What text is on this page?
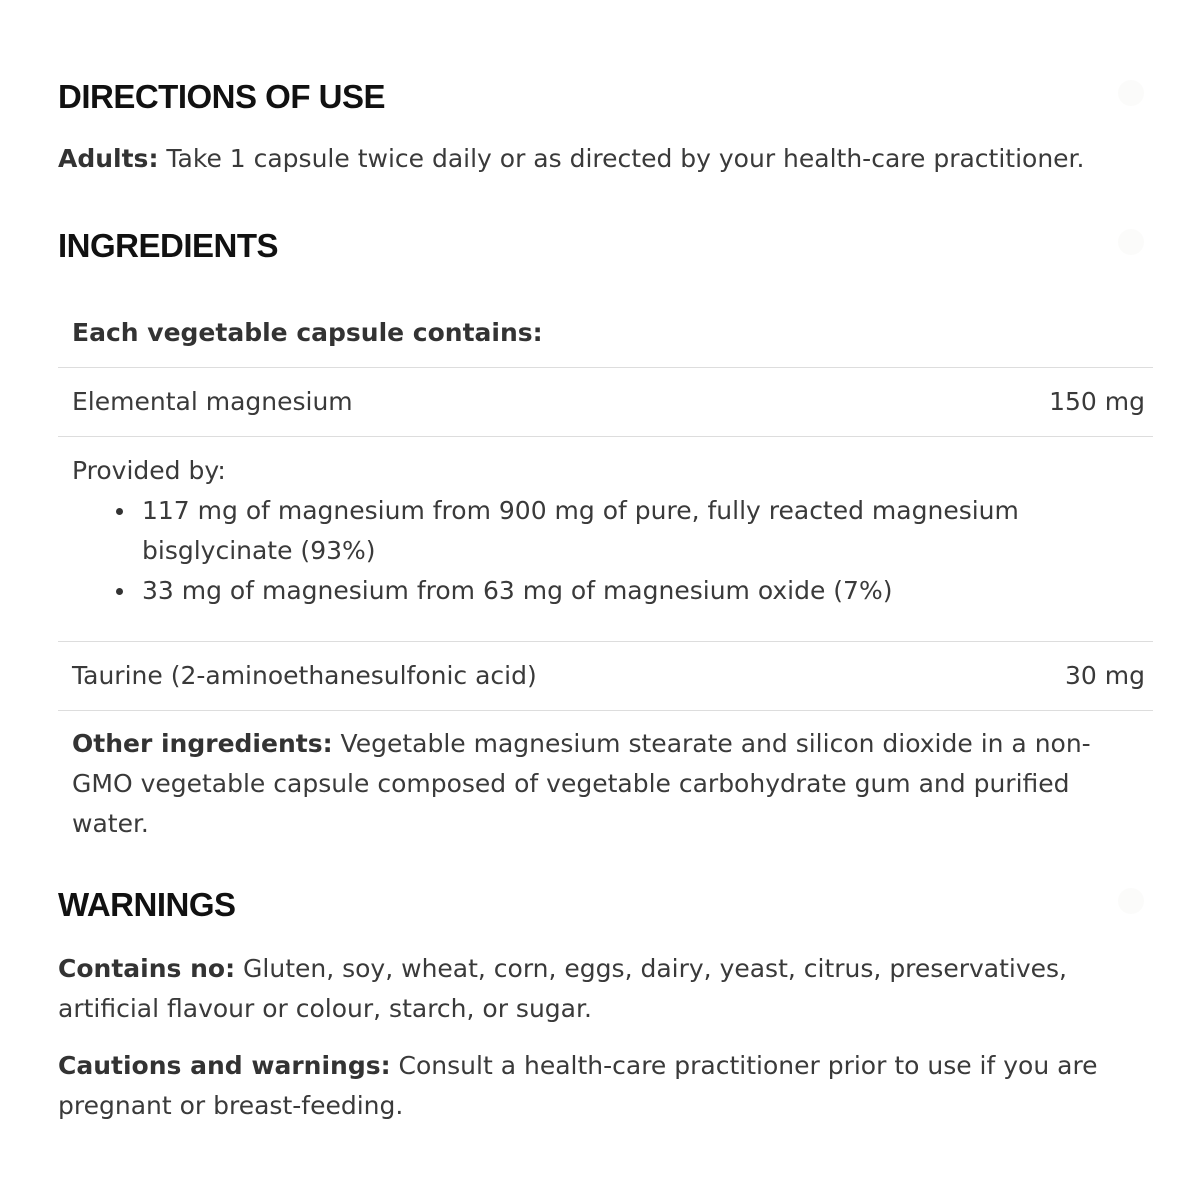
DIRECTIONS OF USE

Adults: Take 1 capsule twice daily or as directed by your health-care practitioner.

INGREDIENTS
Each vegetable capsule contains:
Elemental magnesium	150 mg
Provided by:
117 mg of magnesium from 900 mg of pure, fully reacted magnesium bisglycinate (93%)
33 mg of magnesium from 63 mg of magnesium oxide (7%)
Taurine (2-aminoethanesulfonic acid)	30 mg
Other ingredients: Vegetable magnesium stearate and silicon dioxide in a non-GMO vegetable capsule composed of vegetable carbohydrate gum and purified water.
WARNINGS

Contains no: Gluten, soy, wheat, corn, eggs, dairy, yeast, citrus, preservatives, artificial flavour or colour, starch, or sugar.

Cautions and warnings: Consult a health-care practitioner prior to use if you are pregnant or breast-feeding.
